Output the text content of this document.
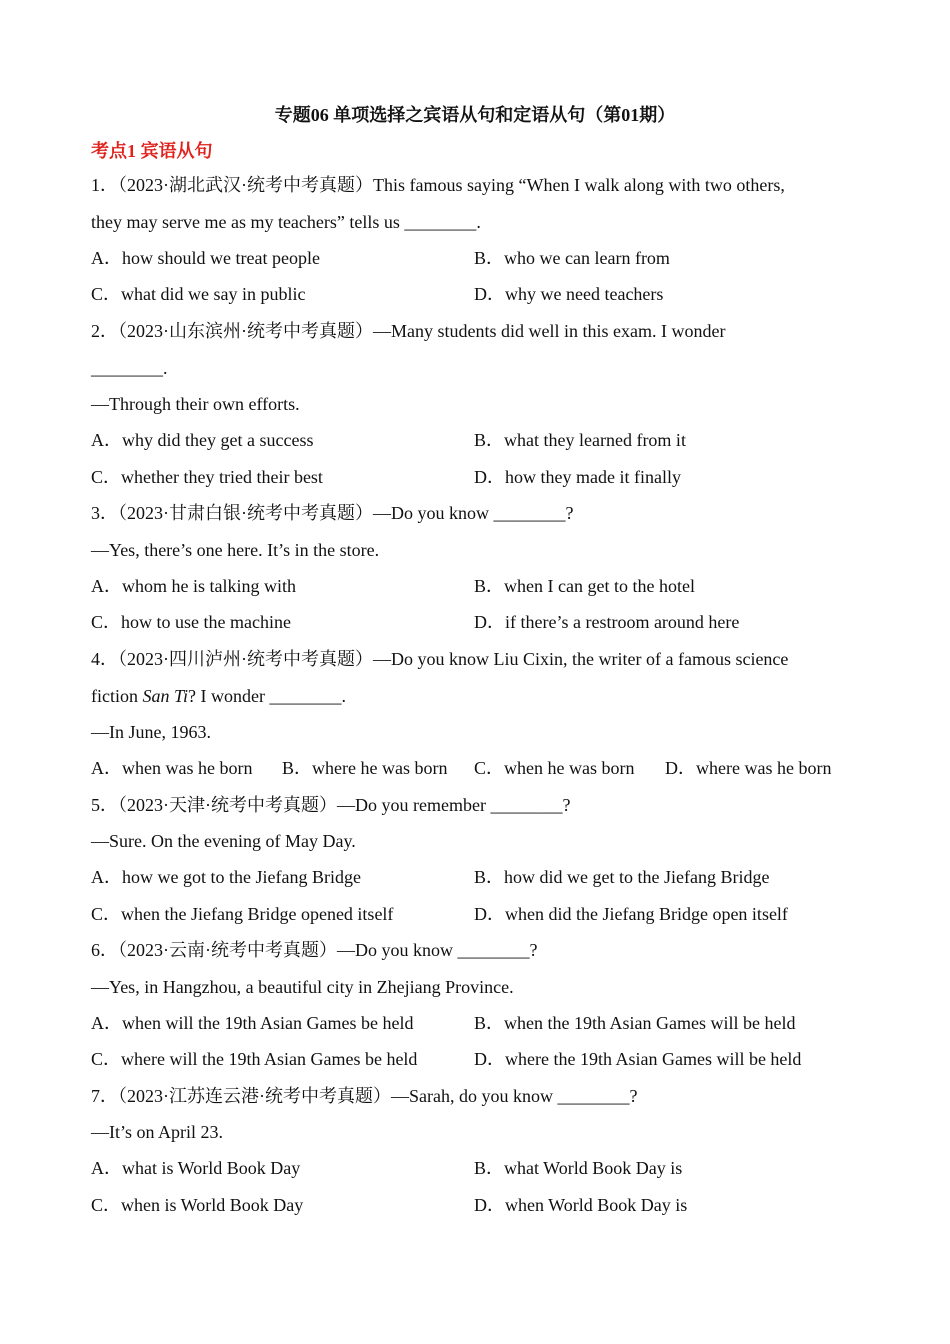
专题06 单项选择之宾语从句和定语从句（第01期）
考点1 宾语从句
1．（2023·湖北武汉·统考中考真题）This famous saying “When I walk along with two others,
they may serve me as my teachers” tells us ________.
A．how should we treat people	B．who we can learn from
C．what did we say in public	D．why we need teachers
2．（2023·山东滨州·统考中考真题）—Many students did well in this exam. I wonder
________.
—Through their own efforts.
A．why did they get a success	B．what they learned from it
C．whether they tried their best	D．how they made it finally
3．（2023·甘肃白银·统考中考真题）—Do you know ________?
—Yes, there’s one here. It’s in the store.
A．whom he is talking with	B．when I can get to the hotel
C．how to use the machine	D．if there’s a restroom around here
4．（2023·四川泸州·统考中考真题）—Do you know Liu Cixin, the writer of a famous science
fiction San Ti? I wonder ________.
—In June, 1963.
A．when was he born B．where he was born C．when he was born D．where was he born
5．（2023·天津·统考中考真题）—Do you remember ________?
—Sure. On the evening of May Day.
A．how we got to the Jiefang Bridge	B．how did we get to the Jiefang Bridge
C．when the Jiefang Bridge opened itself	D．when did the Jiefang Bridge open itself
6．（2023·云南·统考中考真题）—Do you know ________?
—Yes, in Hangzhou, a beautiful city in Zhejiang Province.
A．when will the 19th Asian Games be held	B．when the 19th Asian Games will be held
C．where will the 19th Asian Games be held	D．where the 19th Asian Games will be held
7．（2023·江苏连云港·统考中考真题）—Sarah, do you know ________?
—It’s on April 23.
A．what is World Book Day	B．what World Book Day is
C．when is World Book Day	D．when World Book Day is
